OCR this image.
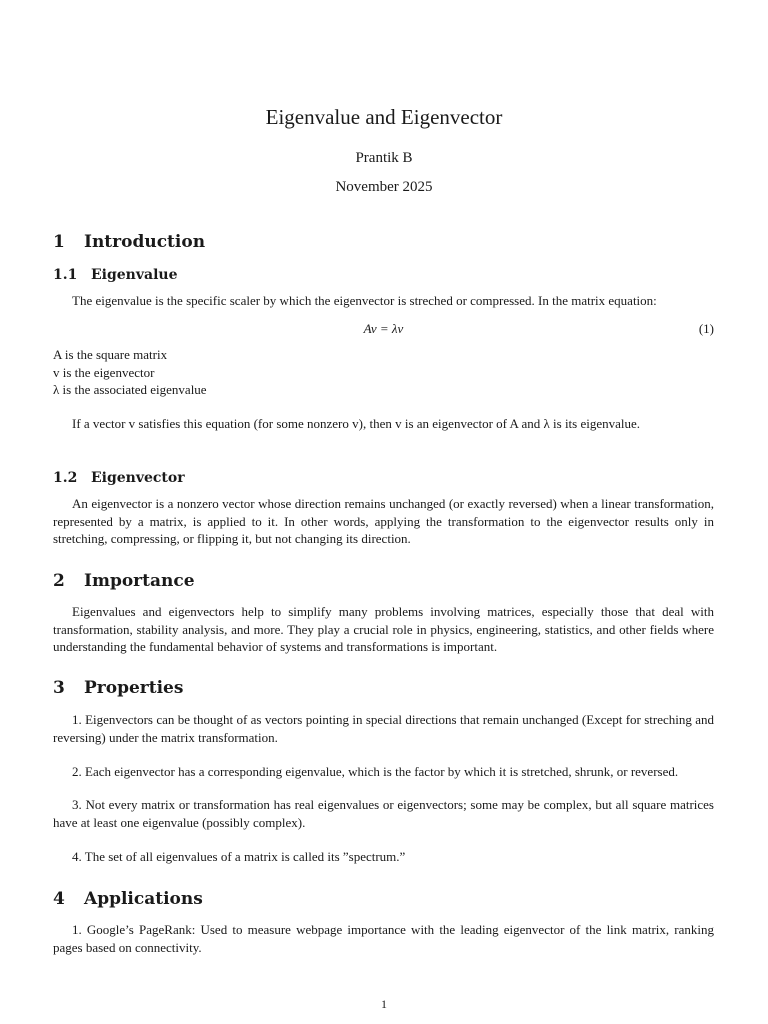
Eigenvalue and Eigenvector
Prantik B
November 2025
1 Introduction
1.1 Eigenvalue

The eigenvalue is the specific scaler by which the eigenvector is streched or compressed. In the matrix equation:

Av = λv	(1)
A is the square matrix
v is the eigenvector
λ is the associated eigenvalue

If a vector v satisfies this equation (for some nonzero v), then v is an eigenvector of A and λ is its eigenvalue.

1.2 Eigenvector

An eigenvector is a nonzero vector whose direction remains unchanged (or exactly reversed) when a linear transformation, represented by a matrix, is applied to it. In other words, applying the transformation to the eigenvector results only in stretching, compressing, or flipping it, but not changing its direction.

2 Importance

Eigenvalues and eigenvectors help to simplify many problems involving matrices, especially those that deal with transformation, stability analysis, and more. They play a crucial role in physics, engineering, statistics, and other fields where understanding the fundamental behavior of systems and transformations is important.

3 Properties

1. Eigenvectors can be thought of as vectors pointing in special directions that remain unchanged (Except for streching and reversing) under the matrix transformation.

2. Each eigenvector has a corresponding eigenvalue, which is the factor by which it is stretched, shrunk, or reversed.

3. Not every matrix or transformation has real eigenvalues or eigenvectors; some may be complex, but all square matrices have at least one eigenvalue (possibly complex).

4. The set of all eigenvalues of a matrix is called its ”spectrum.”

4 Applications

1. Google’s PageRank: Used to measure webpage importance with the leading eigenvector of the link matrix, ranking pages based on connectivity.

1
